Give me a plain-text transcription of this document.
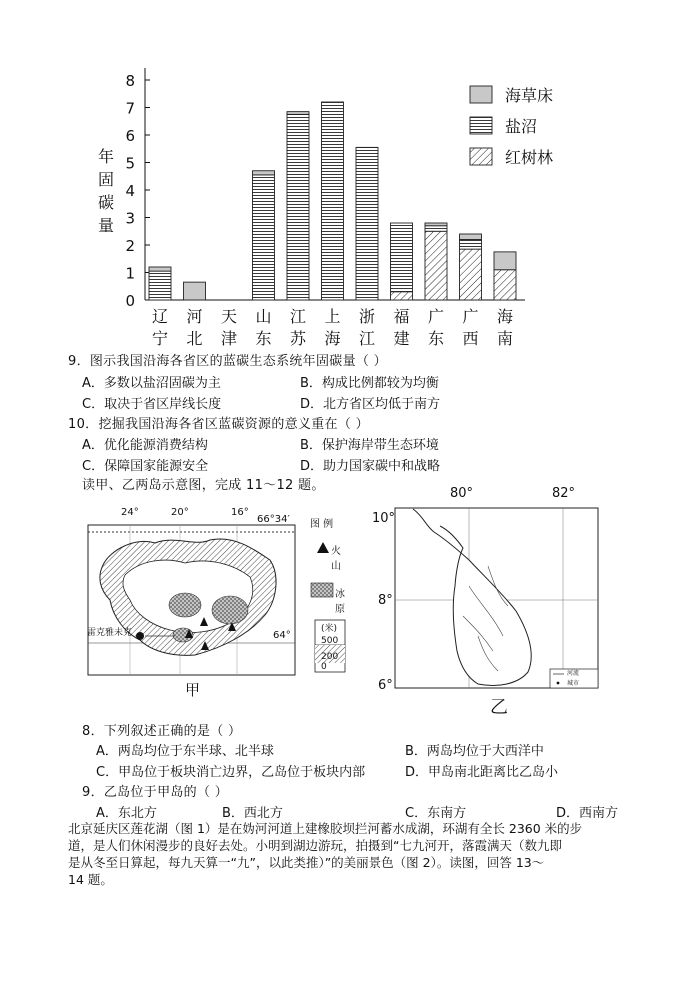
0
1
2
3
4
5
6
7
8
年
固
碳
量
辽
宁
河
北
天
津
山
东
江
苏
上
海
浙
江
福
建
广
东
广
西
海
南
海草床
盐沼
红树林
9．图示我国沿海各省区的蓝碳生态系统年固碳量（ ）
A．多数以盐沼固碳为主	B．构成比例都较为均衡
C．取决于省区岸线长度	D．北方省区均低于南方
10．挖掘我国沿海各省区蓝碳资源的意义重在（ ）
A．优化能源消费结构	B．保护海岸带生态环境
C．保障国家能源安全	D．助力国家碳中和战略
读甲、乙两岛示意图，完成 11～12 题。
24°	20°	16°
66°34′
64°
雷克雅未克
图 例
火山
冰原
(米)
500
200
0
甲
80°	82°
10°
8°
6°
河流
城市
乙
8．下列叙述正确的是（ ）
A．两岛均位于东半球、北半球	B．两岛均位于大西洋中
C．甲岛位于板块消亡边界，乙岛位于板块内部	D．甲岛南北距离比乙岛小
9．乙岛位于甲岛的（ ）
A．东北方	B．西北方	C．东南方	D．西南方
北京延庆区莲花湖（图 1）是在妫河河道上建橡胶坝拦河蓄水成湖，环湖有全长 2360 米的步
道，是人们休闲漫步的良好去处。小明到湖边游玩，拍摄到“七九河开，落霞满天（数九即
是从冬至日算起，每九天算一“九”，以此类推）”的美丽景色（图 2）。读图，回答 13～
14 题。
